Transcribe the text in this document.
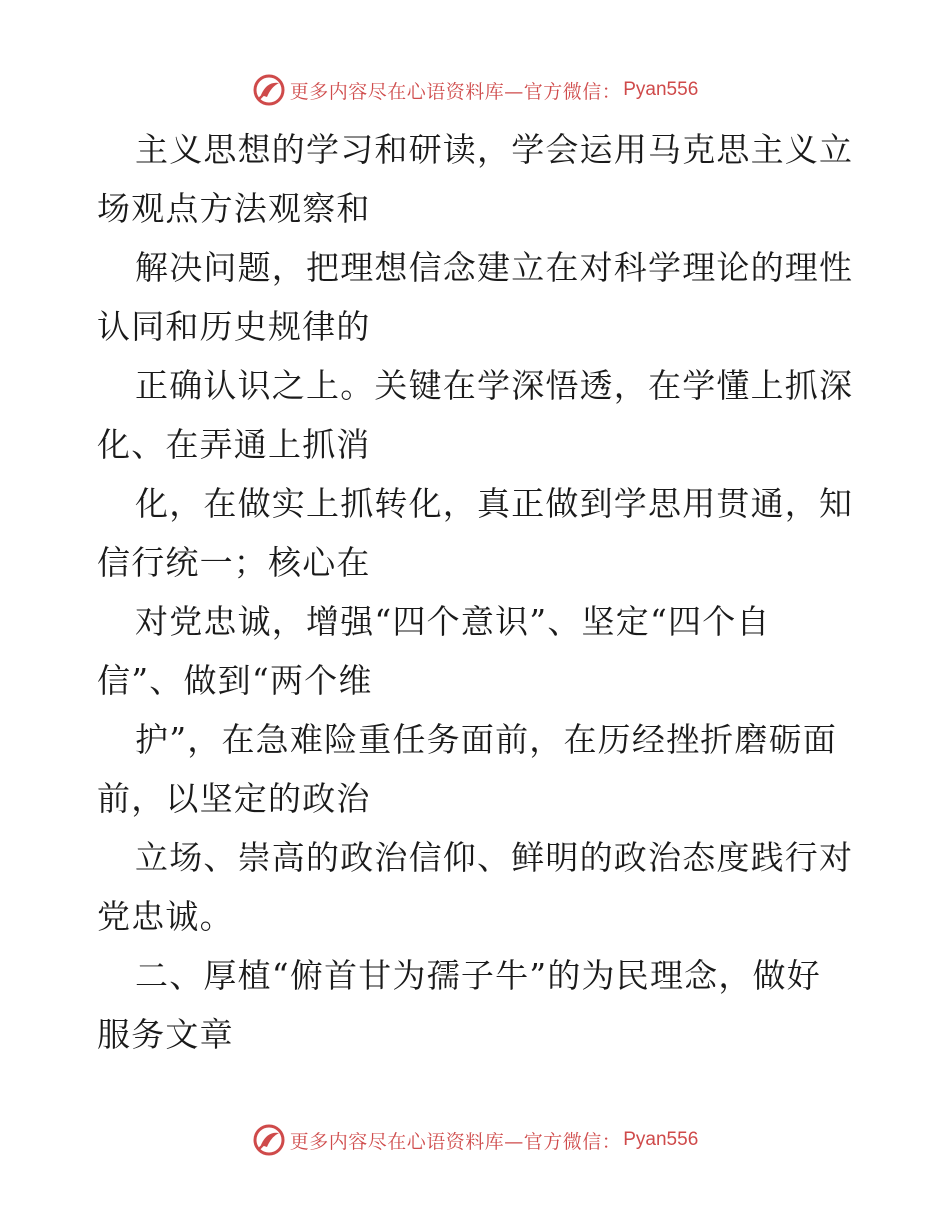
更多内容尽在心语资料库—官方微信： Pyan556
主义思想的学习和研读，学会运用马克思主义立
场观点方法观察和
解决问题，把理想信念建立在对科学理论的理性
认同和历史规律的
正确认识之上。关键在学深悟透，在学懂上抓深
化、在弄通上抓消
化，在做实上抓转化，真正做到学思用贯通，知
信行统一；核心在
对党忠诚，增强“四个意识”、坚定“四个自
信”、做到“两个维
护”，在急难险重任务面前，在历经挫折磨砺面
前，以坚定的政治
立场、崇高的政治信仰、鲜明的政治态度践行对
党忠诚。
二、厚植“俯首甘为孺子牛”的为民理念，做好
服务文章
更多内容尽在心语资料库—官方微信： Pyan556
